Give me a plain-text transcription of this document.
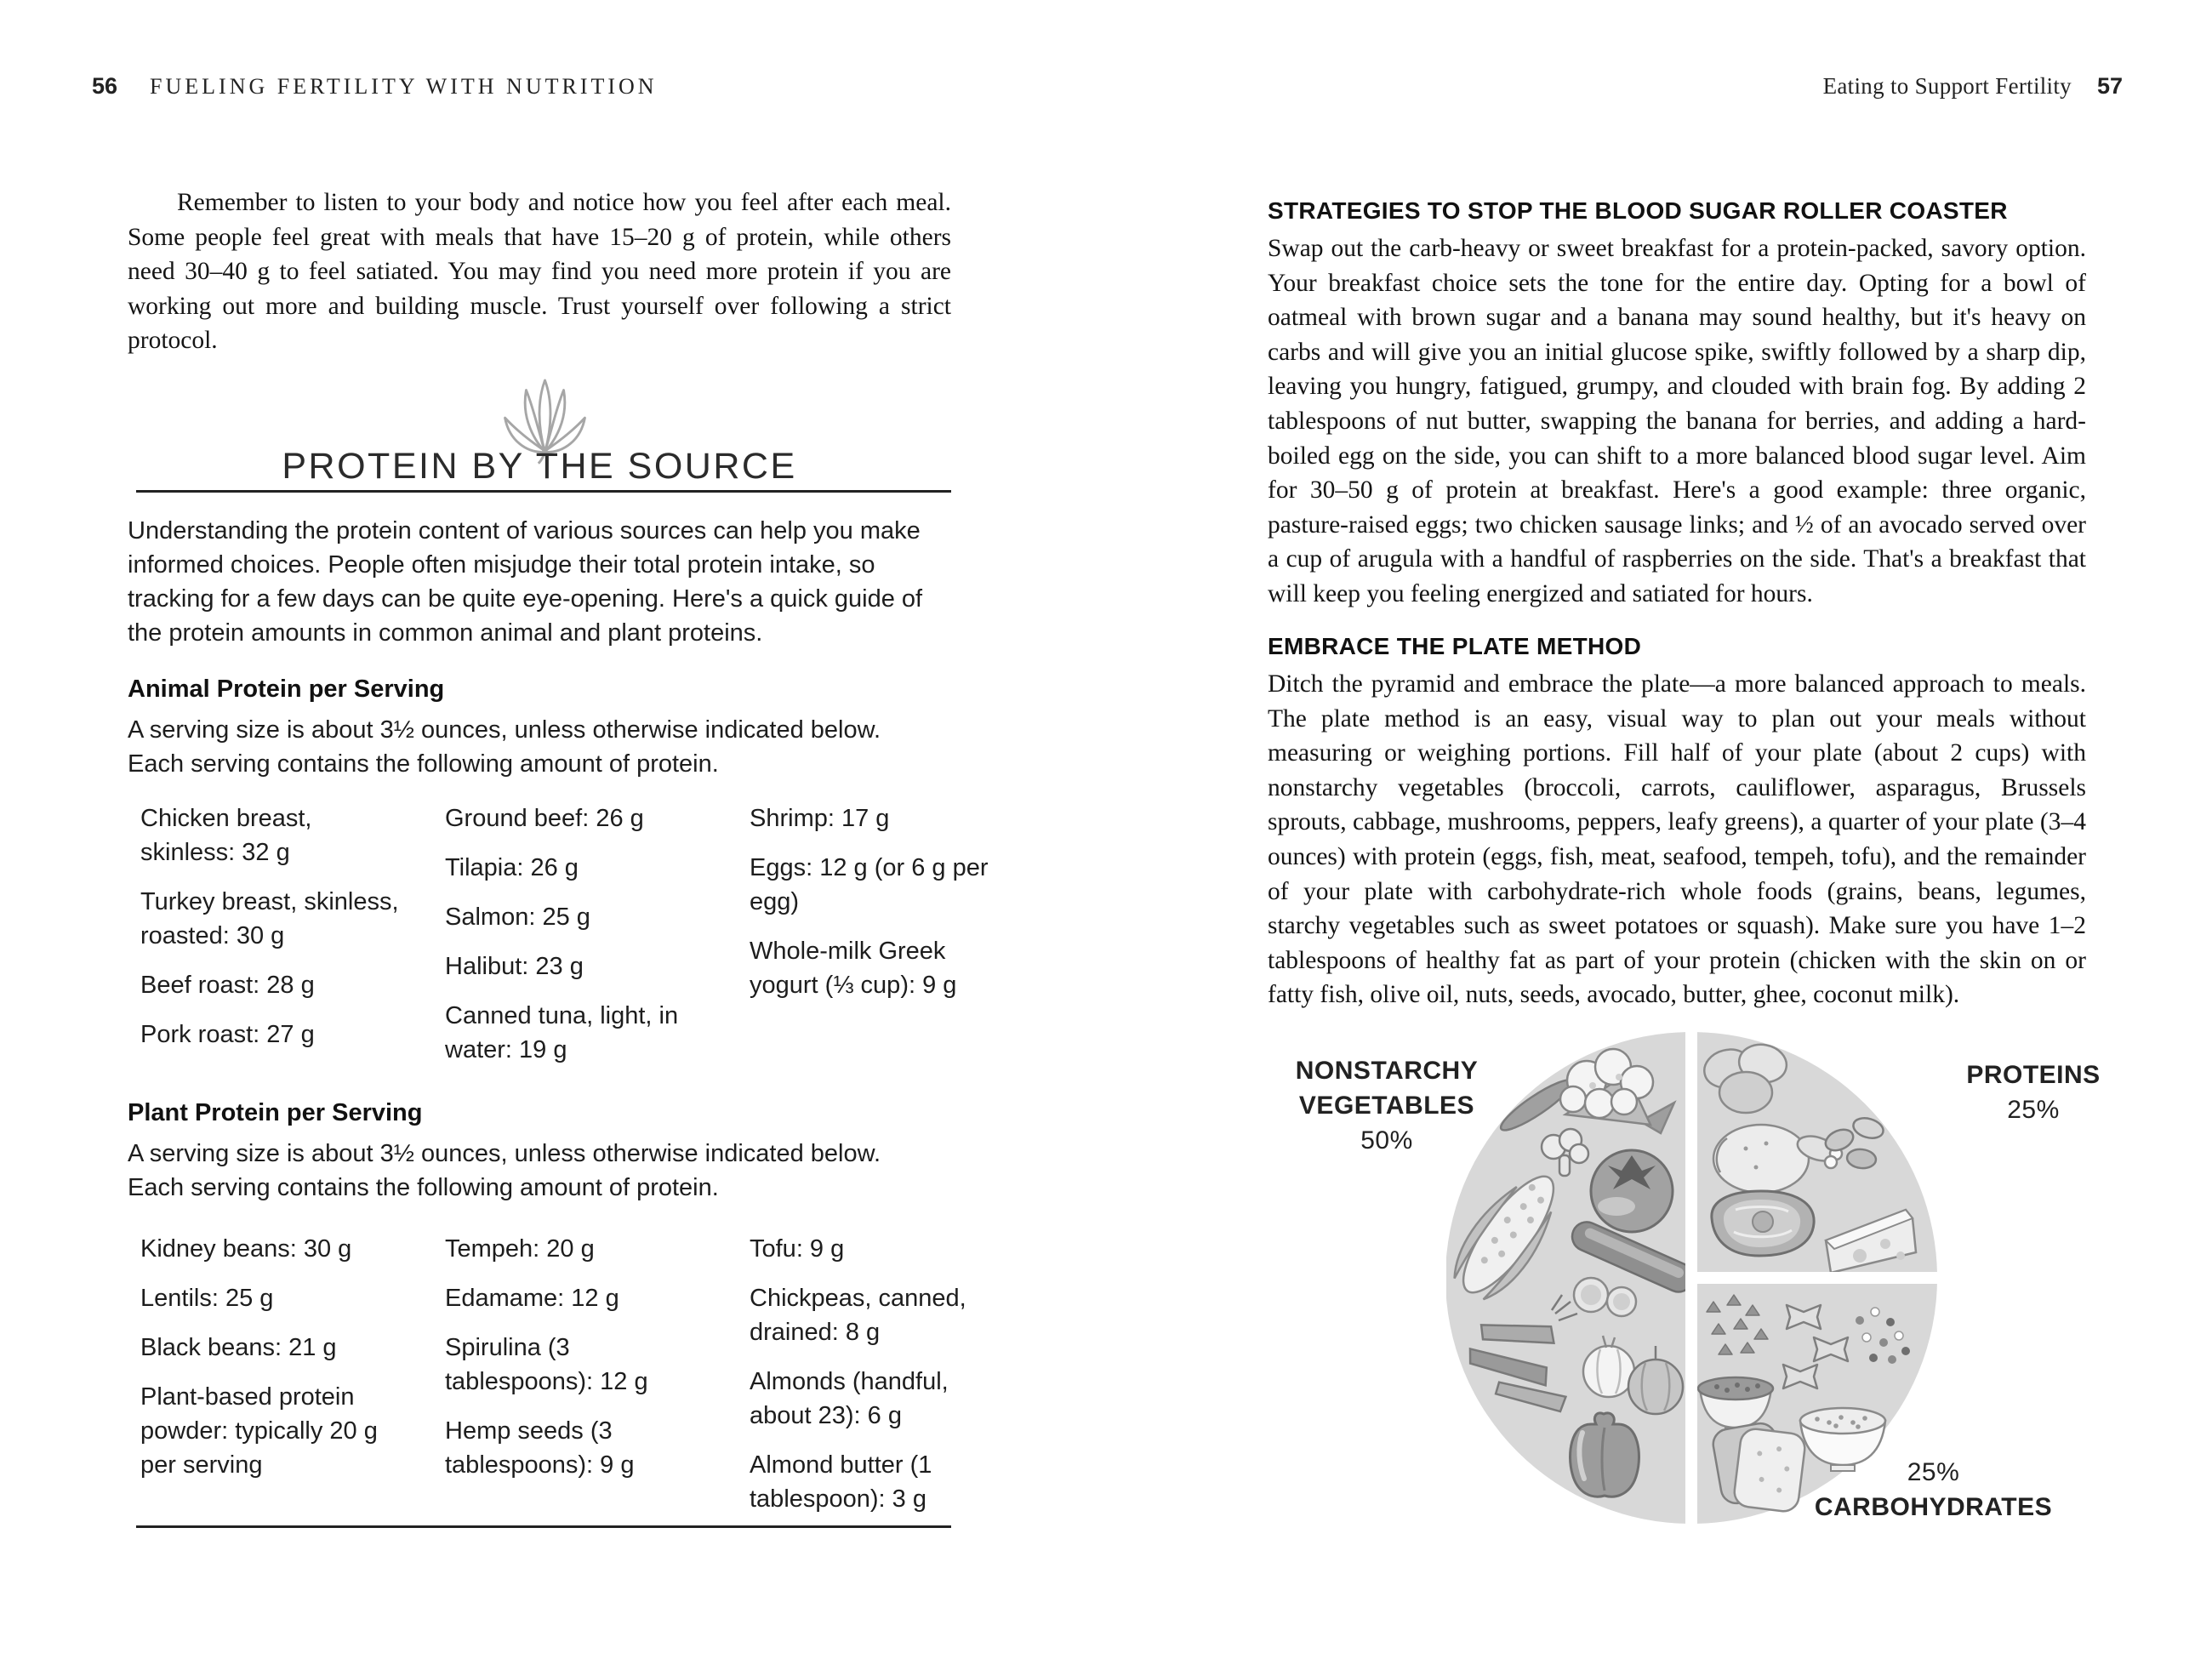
56 FUELING FERTILITY WITH NUTRITION

Remember to listen to your body and notice how you feel after each meal. Some people feel great with meals that have 15–20 g of protein, while others need 30–40 g to feel satiated. You may find you need more protein if you are working out more and building muscle. Trust yourself over following a strict protocol.

PROTEIN BY THE SOURCE

Understanding the protein content of various sources can help you make informed choices. People often misjudge their total protein intake, so tracking for a few days can be quite eye-opening. Here's a quick guide of the protein amounts in common animal and plant proteins.

Animal Protein per Serving
A serving size is about 3½ ounces, unless otherwise indicated below.
Each serving contains the following amount of protein.
Chicken breast, skinless: 32 g
Turkey breast, skinless, roasted: 30 g
Beef roast: 28 g
Pork roast: 27 g
Ground beef: 26 g
Tilapia: 26 g
Salmon: 25 g
Halibut: 23 g
Canned tuna, light, in water: 19 g
Shrimp: 17 g
Eggs: 12 g (or 6 g per egg)
Whole-milk Greek yogurt (⅓ cup): 9 g
Plant Protein per Serving
A serving size is about 3½ ounces, unless otherwise indicated below.
Each serving contains the following amount of protein.
Kidney beans: 30 g
Lentils: 25 g
Black beans: 21 g
Plant-based protein powder: typically 20 g per serving
Tempeh: 20 g
Edamame: 12 g
Spirulina (3 tablespoons): 12 g
Hemp seeds (3 tablespoons): 9 g
Tofu: 9 g
Chickpeas, canned, drained: 8 g
Almonds (handful, about 23): 6 g
Almond butter (1 tablespoon): 3 g
Eating to Support Fertility 57
STRATEGIES TO STOP THE BLOOD SUGAR ROLLER COASTER

Swap out the carb-heavy or sweet breakfast for a protein-packed, savory option. Your breakfast choice sets the tone for the entire day. Opting for a bowl of oatmeal with brown sugar and a banana may sound healthy, but it's heavy on carbs and will give you an initial glucose spike, swiftly followed by a sharp dip, leaving you hungry, fatigued, grumpy, and clouded with brain fog. By adding 2 tablespoons of nut butter, swapping the banana for berries, and adding a hard-boiled egg on the side, you can shift to a more balanced blood sugar level. Aim for 30–50 g of protein at breakfast. Here's a good example: three organic, pasture-raised eggs; two chicken sausage links; and ½ of an avocado served over a cup of arugula with a handful of raspberries on the side. That's a breakfast that will keep you feeling energized and satiated for hours.

EMBRACE THE PLATE METHOD

Ditch the pyramid and embrace the plate—a more balanced approach to meals. The plate method is an easy, visual way to plan out your meals without measuring or weighing portions. Fill half of your plate (about 2 cups) with nonstarchy vegetables (broccoli, carrots, cauliflower, asparagus, Brussels sprouts, cabbage, mushrooms, peppers, leafy greens), a quarter of your plate (3–4 ounces) with protein (eggs, fish, meat, seafood, tempeh, tofu), and the remainder of your plate with carbohydrate-rich whole foods (grains, beans, legumes, starchy vegetables such as sweet potatoes or squash). Make sure you have 1–2 tablespoons of healthy fat as part of your protein (chicken with the skin on or fatty fish, olive oil, nuts, seeds, avocado, butter, ghee, coconut milk).

NONSTARCHY VEGETABLES
50%
PROTEINS
25%
25%
CARBOHYDRATES
